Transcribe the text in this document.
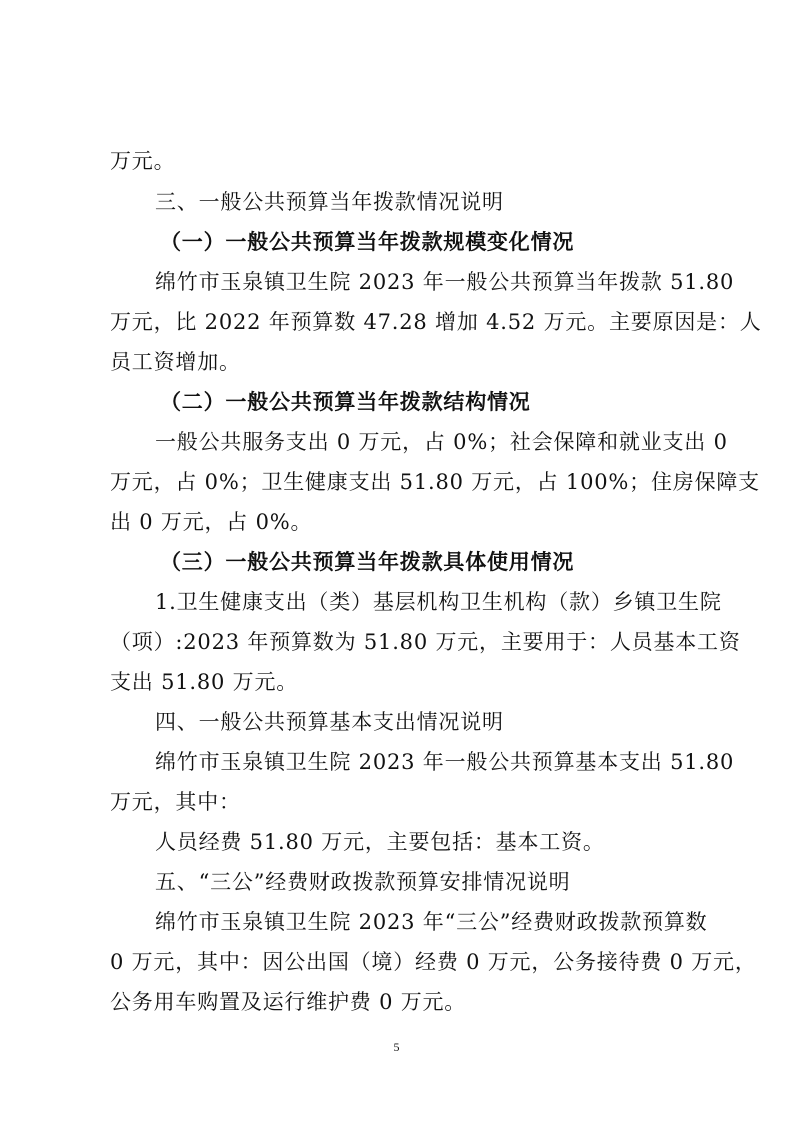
万元。
三、一般公共预算当年拨款情况说明
（一）一般公共预算当年拨款规模变化情况
绵竹市玉泉镇卫生院 2023 年一般公共预算当年拨款 51.80
万元，比 2022 年预算数 47.28 增加 4.52 万元。主要原因是：人
员工资增加。
（二）一般公共预算当年拨款结构情况
一般公共服务支出 0 万元，占 0%；社会保障和就业支出 0
万元，占 0%；卫生健康支出 51.80 万元，占 100%；住房保障支
出 0 万元，占 0%。
（三）一般公共预算当年拨款具体使用情况
1.卫生健康支出（类）基层机构卫生机构（款）乡镇卫生院
（项）:2023 年预算数为 51.80 万元，主要用于：人员基本工资
支出 51.80 万元。
四、一般公共预算基本支出情况说明
绵竹市玉泉镇卫生院 2023 年一般公共预算基本支出 51.80
万元，其中：
人员经费 51.80 万元，主要包括：基本工资。
五、“三公”经费财政拨款预算安排情况说明
绵竹市玉泉镇卫生院 2023 年“三公”经费财政拨款预算数
0 万元，其中：因公出国（境）经费 0 万元，公务接待费 0 万元，
公务用车购置及运行维护费 0 万元。
5
